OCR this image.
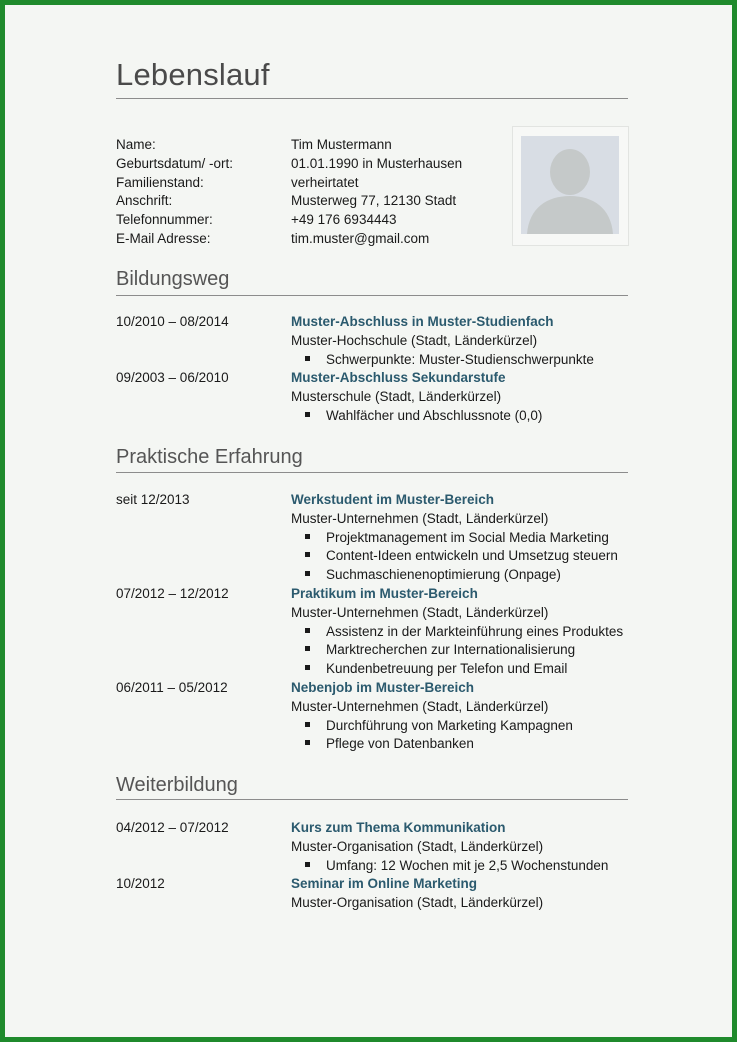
Lebenslauf
Name:	Tim Mustermann
Geburtsdatum/ -ort:	01.01.1990 in Musterhausen
Familienstand:	verheirtatet
Anschrift:	Musterweg 77, 12130 Stadt
Telefonnummer:	+49 176 6934443
E-Mail Adresse:	tim.muster@gmail.com
Bildungsweg
10/2010 – 08/2014	Muster-Abschluss in Muster-Studienfach
Muster-Hochschule (Stadt, Länderkürzel)
Schwerpunkte: Muster-Studienschwerpunkte
09/2003 – 06/2010	Muster-Abschluss Sekundarstufe
Musterschule (Stadt, Länderkürzel)
Wahlfächer und Abschlussnote (0,0)
Praktische Erfahrung
seit 12/2013	Werkstudent im Muster-Bereich
Muster-Unternehmen (Stadt, Länderkürzel)
Projektmanagement im Social Media Marketing
Content-Ideen entwickeln und Umsetzug steuern
Suchmaschienenoptimierung (Onpage)
07/2012 – 12/2012	Praktikum im Muster-Bereich
Muster-Unternehmen (Stadt, Länderkürzel)
Assistenz in der Markteinführung eines Produktes
Marktrecherchen zur Internationalisierung
Kundenbetreuung per Telefon und Email
06/2011 – 05/2012	Nebenjob im Muster-Bereich
Muster-Unternehmen (Stadt, Länderkürzel)
Durchführung von Marketing Kampagnen
Pflege von Datenbanken
Weiterbildung
04/2012 – 07/2012	Kurs zum Thema Kommunikation
Muster-Organisation (Stadt, Länderkürzel)
Umfang: 12 Wochen mit je 2,5 Wochenstunden
10/2012	Seminar im Online Marketing
Muster-Organisation (Stadt, Länderkürzel)
